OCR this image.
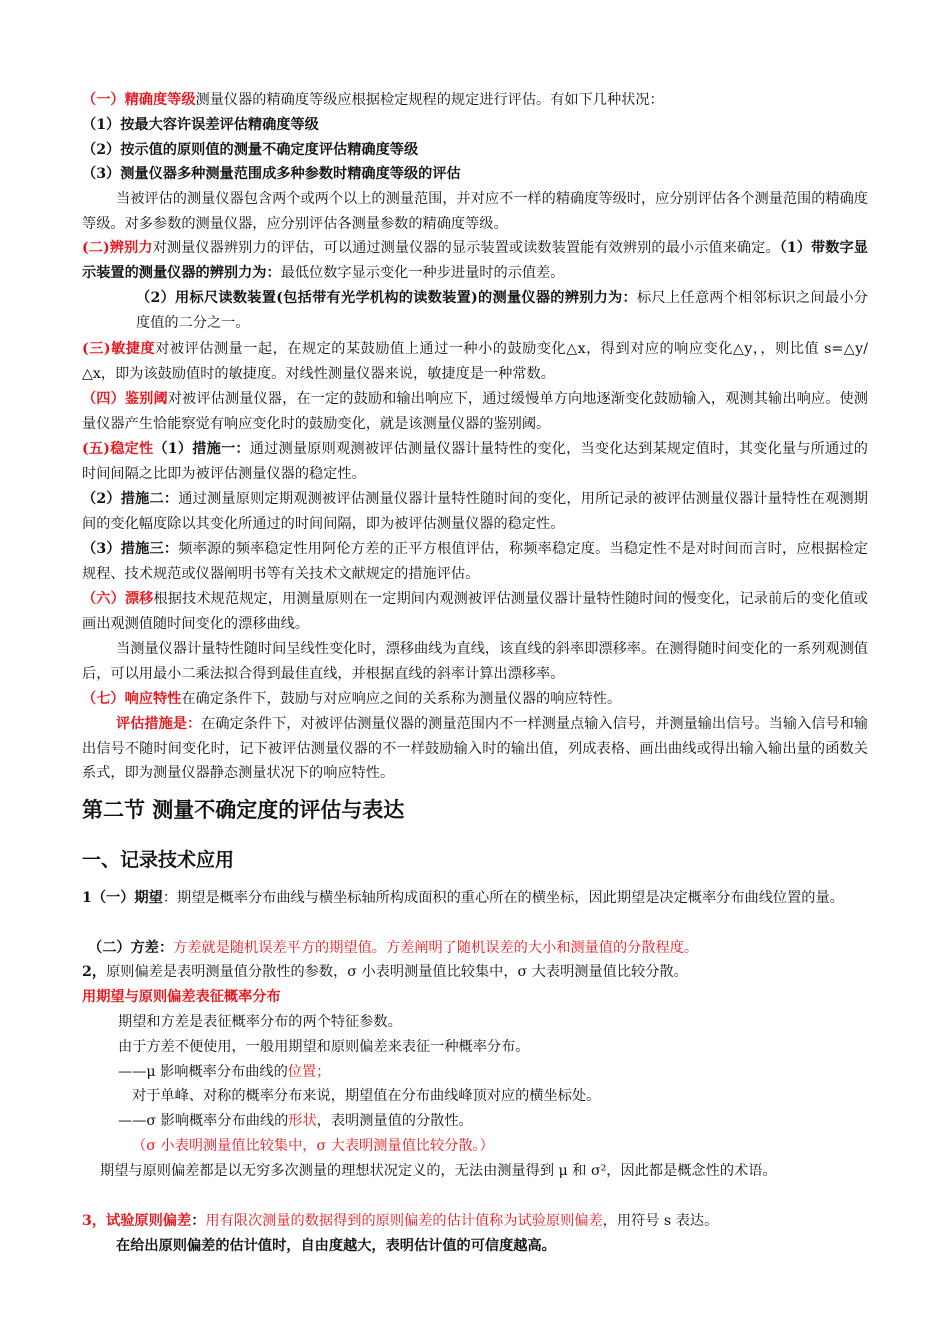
（一）精确度等级测量仪器的精确度等级应根据检定规程的规定进行评估。有如下几种状况：

（1）按最大容许误差评估精确度等级

（2）按示值的原则值的测量不确定度评估精确度等级

（3）测量仪器多种测量范围成多种参数时精确度等级的评估

当被评估的测量仪器包含两个或两个以上的测量范围，并对应不一样的精确度等级时，应分别评估各个测量范围的精确度等级。对多参数的测量仪器，应分别评估各测量参数的精确度等级。

(二)辨别力对测量仪器辨别力的评估，可以通过测量仪器的显示装置或读数装置能有效辨别的最小示值来确定。（1）带数字显示装置的测量仪器的辨别力为：最低位数字显示变化一种步进量时的示值差。

（2）用标尺读数装置(包括带有光学机构的读数装置)的测量仪器的辨别力为：标尺上任意两个相邻标识之间最小分度值的二分之一。

(三)敏捷度对被评估测量一起，在规定的某鼓励值上通过一种小的鼓励变化△x，得到对应的响应变化△y，，则比值 s=△y/△x，即为该鼓励值时的敏捷度。对线性测量仪器来说，敏捷度是一种常数。

（四）鉴别阈对被评估测量仪器，在一定的鼓励和输出响应下，通过缓慢单方向地逐渐变化鼓励输入，观测其输出响应。使测量仪器产生恰能察觉有响应变化时的鼓励变化，就是该测量仪器的鉴别阈。

(五)稳定性（1）措施一：通过测量原则观测被评估测量仪器计量特性的变化，当变化达到某规定值时，其变化量与所通过的时间间隔之比即为被评估测量仪器的稳定性。

（2）措施二：通过测量原则定期观测被评估测量仪器计量特性随时间的变化，用所记录的被评估测量仪器计量特性在观测期间的变化幅度除以其变化所通过的时间间隔，即为被评估测量仪器的稳定性。

（3）措施三：频率源的频率稳定性用阿伦方差的正平方根值评估，称频率稳定度。当稳定性不是对时间而言时，应根据检定规程、技术规范或仪器阐明书等有关技术文献规定的措施评估。

（六）漂移根据技术规范规定，用测量原则在一定期间内观测被评估测量仪器计量特性随时间的慢变化，记录前后的变化值或画出观测值随时间变化的漂移曲线。

当测量仪器计量特性随时间呈线性变化时，漂移曲线为直线，该直线的斜率即漂移率。在测得随时间变化的一系列观测值后，可以用最小二乘法拟合得到最佳直线，并根据直线的斜率计算出漂移率。

（七）响应特性在确定条件下，鼓励与对应响应之间的关系称为测量仪器的响应特性。

评估措施是：在确定条件下，对被评估测量仪器的测量范围内不一样测量点输入信号，并测量输出信号。当输入信号和输出信号不随时间变化时，记下被评估测量仪器的不一样鼓励输入时的输出值，列成表格、画出曲线或得出输入输出量的函数关系式，即为测量仪器静态测量状况下的响应特性。

第二节 测量不确定度的评估与表达
一、记录技术应用

1（一）期望：期望是概率分布曲线与横坐标轴所构成面积的重心所在的横坐标，因此期望是决定概率分布曲线位置的量。

（二）方差：方差就是随机误差平方的期望值。方差阐明了随机误差的大小和测量值的分散程度。

2，原则偏差是表明测量值分散性的参数，σ 小表明测量值比较集中，σ 大表明测量值比较分散。

用期望与原则偏差表征概率分布

期望和方差是表征概率分布的两个特征参数。

由于方差不便使用，一般用期望和原则偏差来表征一种概率分布。

——μ 影响概率分布曲线的位置；

对于单峰、对称的概率分布来说，期望值在分布曲线峰顶对应的横坐标处。

——σ 影响概率分布曲线的形状，表明测量值的分散性。

（σ 小表明测量值比较集中，σ 大表明测量值比较分散。）

期望与原则偏差都是以无穷多次测量的理想状况定义的，无法由测量得到 μ 和 σ²，因此都是概念性的术语。

3，试验原则偏差：用有限次测量的数据得到的原则偏差的估计值称为试验原则偏差，用符号 s 表达。

在给出原则偏差的估计值时，自由度越大，表明估计值的可信度越高。
